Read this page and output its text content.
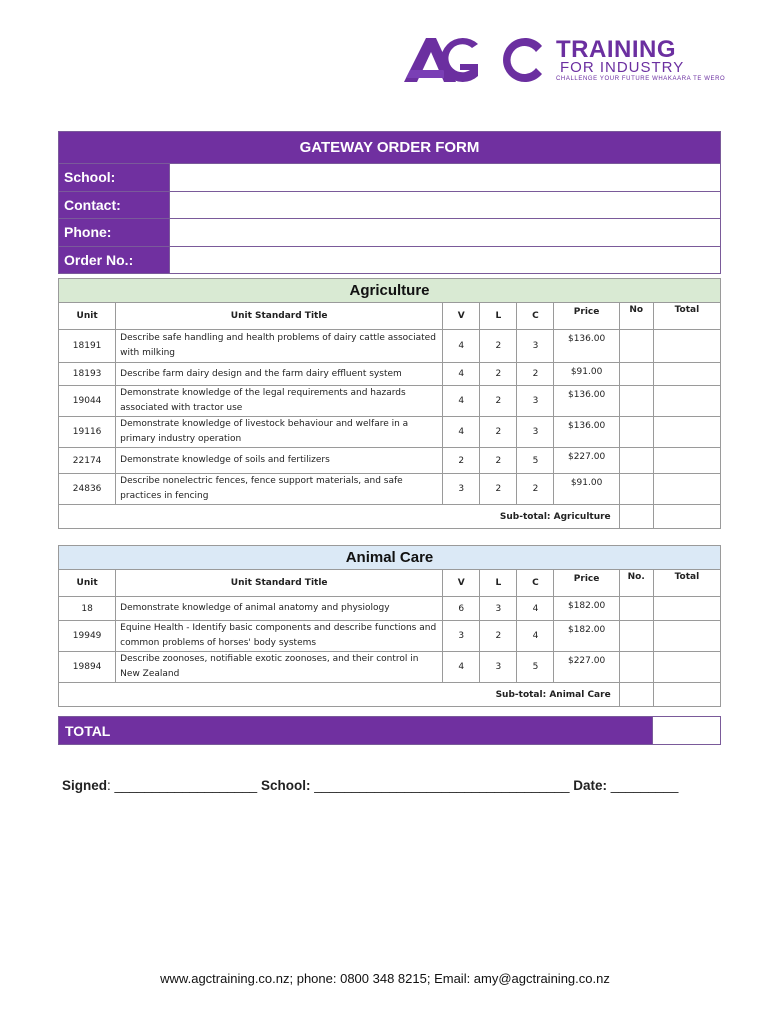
TRAINING
FOR INDUSTRY
CHALLENGE YOUR FUTURE WHAKAARA TE WERO
GATEWAY ORDER FORM
School:
Contact:
Phone:
Order No.:
Agriculture							
Unit	Unit Standard Title	V	L	C	Price	No	Total
18191	Describe safe handling and health problems of dairy cattle associated with milking	4	2	3	$136.00		
18193	Describe farm dairy design and the farm dairy effluent system	4	2	2	$91.00		
19044	Demonstrate knowledge of the legal requirements and hazards associated with tractor use	4	2	3	$136.00		
19116	Demonstrate knowledge of livestock behaviour and welfare in a primary industry operation	4	2	3	$136.00		
22174	Demonstrate knowledge of soils and fertilizers	2	2	5	$227.00		
24836	Describe nonelectric fences, fence support materials, and safe practices in fencing	3	2	2	$91.00		
Sub-total: Agriculture							
Animal Care							
Unit	Unit Standard Title	V	L	C	Price	No.	Total
18	Demonstrate knowledge of animal anatomy and physiology	6	3	4	$182.00		
19949	Equine Health - Identify basic components and describe functions and common problems of horses' body systems	3	2	4	$182.00		
19894	Describe zoonoses, notifiable exotic zoonoses, and their control in New Zealand	4	3	5	$227.00		
Sub-total: Animal Care							
TOTAL
Signed: ___________________ School: __________________________________ Date: _________
www.agctraining.co.nz; phone: 0800 348 8215; Email: amy@agctraining.co.nz
